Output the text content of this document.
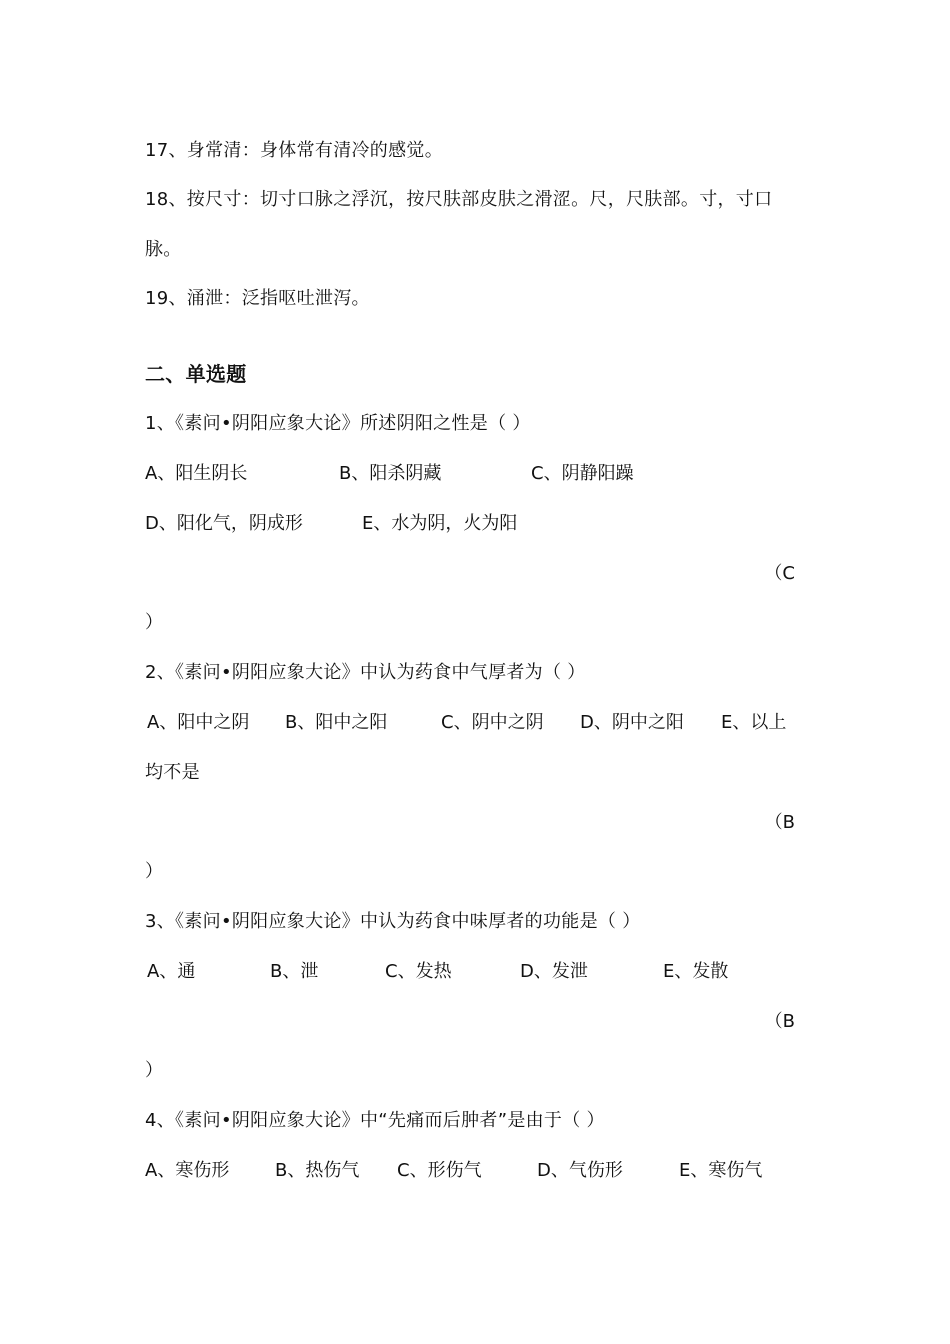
17、身常清：身体常有清冷的感觉。
18、按尺寸：切寸口脉之浮沉，按尺肤部皮肤之滑涩。尺，尺肤部。寸，寸口
脉。
19、涌泄：泛指呕吐泄泻。
二、单选题
1、《素问•阴阳应象大论》所述阴阳之性是（ ）
A、阳生阴长	B、阳杀阴藏	C、阴静阳躁
D、阳化气，阴成形	E、水为阴，火为阳
（C
）
2、《素问•阴阳应象大论》中认为药食中气厚者为（ ）
A、阳中之阴 B、阳中之阳	C、阴中之阴 D、阴中之阳 E、以上
均不是
（B
）
3、《素问•阴阳应象大论》中认为药食中味厚者的功能是（ ）
A、通	B、泄	C、发热	D、发泄	E、发散
（B
）
4、《素问•阴阳应象大论》中“先痛而后肿者”是由于（ ）
A、寒伤形	B、热伤气 C、形伤气	D、气伤形	E、寒伤气
